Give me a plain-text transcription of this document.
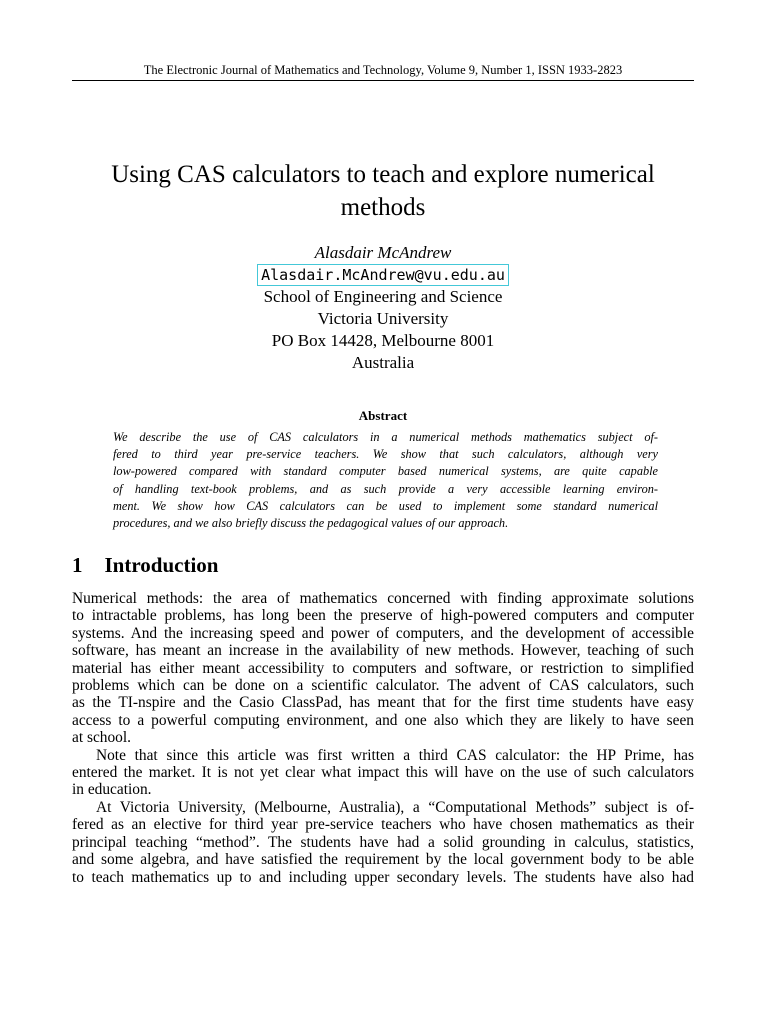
The Electronic Journal of Mathematics and Technology, Volume 9, Number 1, ISSN 1933-2823
Using CAS calculators to teach and explore numerical
methods
Alasdair McAndrew
Alasdair.McAndrew@vu.edu.au
School of Engineering and Science
Victoria University
PO Box 14428, Melbourne 8001
Australia
Abstract
We describe the use of CAS calculators in a numerical methods mathematics subject of-
fered to third year pre-service teachers. We show that such calculators, although very
low-powered compared with standard computer based numerical systems, are quite capable
of handling text-book problems, and as such provide a very accessible learning environ-
ment. We show how CAS calculators can be used to implement some standard numerical
procedures, and we also briefly discuss the pedagogical values of our approach.
1 Introduction
Numerical methods: the area of mathematics concerned with finding approximate solutions
to intractable problems, has long been the preserve of high-powered computers and computer
systems. And the increasing speed and power of computers, and the development of accessible
software, has meant an increase in the availability of new methods. However, teaching of such
material has either meant accessibility to computers and software, or restriction to simplified
problems which can be done on a scientific calculator. The advent of CAS calculators, such
as the TI-nspire and the Casio ClassPad, has meant that for the first time students have easy
access to a powerful computing environment, and one also which they are likely to have seen
at school.
Note that since this article was first written a third CAS calculator: the HP Prime, has
entered the market. It is not yet clear what impact this will have on the use of such calculators
in education.
At Victoria University, (Melbourne, Australia), a “Computational Methods” subject is of-
fered as an elective for third year pre-service teachers who have chosen mathematics as their
principal teaching “method”. The students have had a solid grounding in calculus, statistics,
and some algebra, and have satisfied the requirement by the local government body to be able
to teach mathematics up to and including upper secondary levels. The students have also had
